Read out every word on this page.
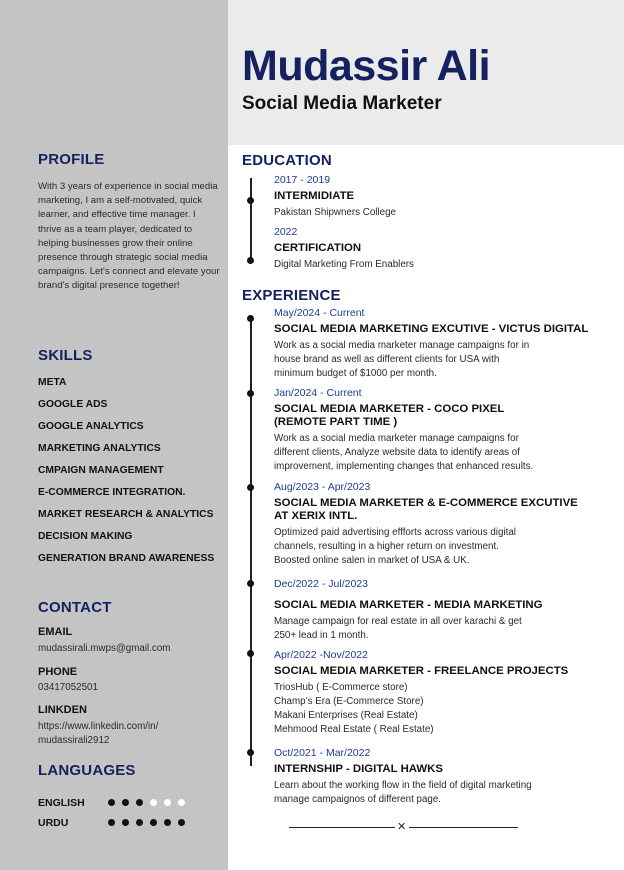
Mudassir Ali
Social Media Marketer
PROFILE
With 3 years of experience in social media marketing, I am a self-motivated, quick learner, and effective time manager. I thrive as a team player, dedicated to helping businesses grow their online presence through strategic social media campaigns. Let's connect and elevate your brand's digital presence together!
SKILLS
META
GOOGLE ADS
GOOGLE ANALYTICS
MARKETING ANALYTICS
CMPAIGN MANAGEMENT
E-COMMERCE INTEGRATION.
MARKET RESEARCH & ANALYTICS
DECISION MAKING
GENERATION BRAND AWARENESS
CONTACT
EMAIL
mudassirali.mwps@gmail.com
PHONE
03417052501
LINKDEN
https://www.linkedin.com/in/
mudassirali2912
LANGUAGES
ENGLISH
URDU
EDUCATION
2017 - 2019
INTERMIDIATE
Pakistan Shipwners College
2022
CERTIFICATION
Digital Marketing From Enablers
EXPERIENCE
May/2024 - Current
SOCIAL MEDIA MARKETING EXCUTIVE - VICTUS DIGITAL
Work as a social media marketer manage campaigns for in
house brand as well as different clients for USA with
minimum budget of $1000 per month.
Jan/2024 - Current
SOCIAL MEDIA MARKETER - COCO PIXEL
(REMOTE PART TIME )
Work as a social media marketer manage campaigns for
different clients, Analyze website data to identify areas of
improvement, implementing changes that enhanced results.
Aug/2023 - Apr/2023
SOCIAL MEDIA MARKETER & E-COMMERCE EXCUTIVE
AT XERIX INTL.
Optimized paid advertising effforts across various digital
channels, resulting in a higher return on investment.
Boosted online salen in market of USA & UK.
Dec/2022 - Jul/2023
SOCIAL MEDIA MARKETER - MEDIA MARKETING
Manage campaign for real estate in all over karachi & get
250+ lead in 1 month.
Apr/2022 -Nov/2022
SOCIAL MEDIA MARKETER - FREELANCE PROJECTS
TriosHub ( E-Commerce store)
Champ’s Era (E-Commerce Store)
Makani Enterprises (Real Estate)
Mehmood Real Estate ( Real Estate)
Oct/2021 - Mar/2022
INTERNSHIP - DIGITAL HAWKS
Learn about the working flow in the field of digital marketing
manage campaignos of different page.
✕
